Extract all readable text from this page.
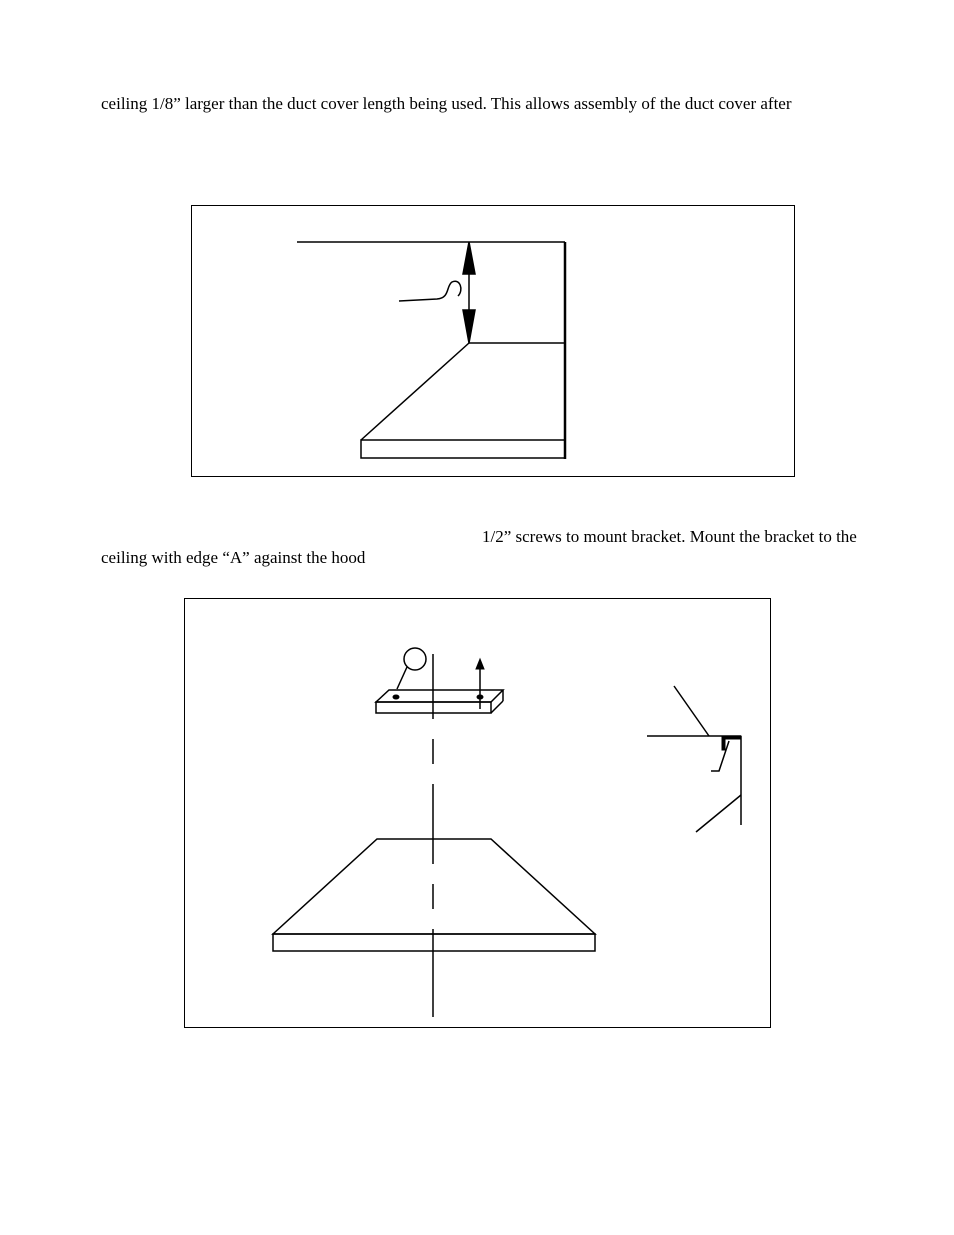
ceiling 1/8” larger than the duct cover length being used. This allows assembly of the duct cover after
1/2” screws to mount bracket. Mount the bracket to the
ceiling with edge “A” against the hood
